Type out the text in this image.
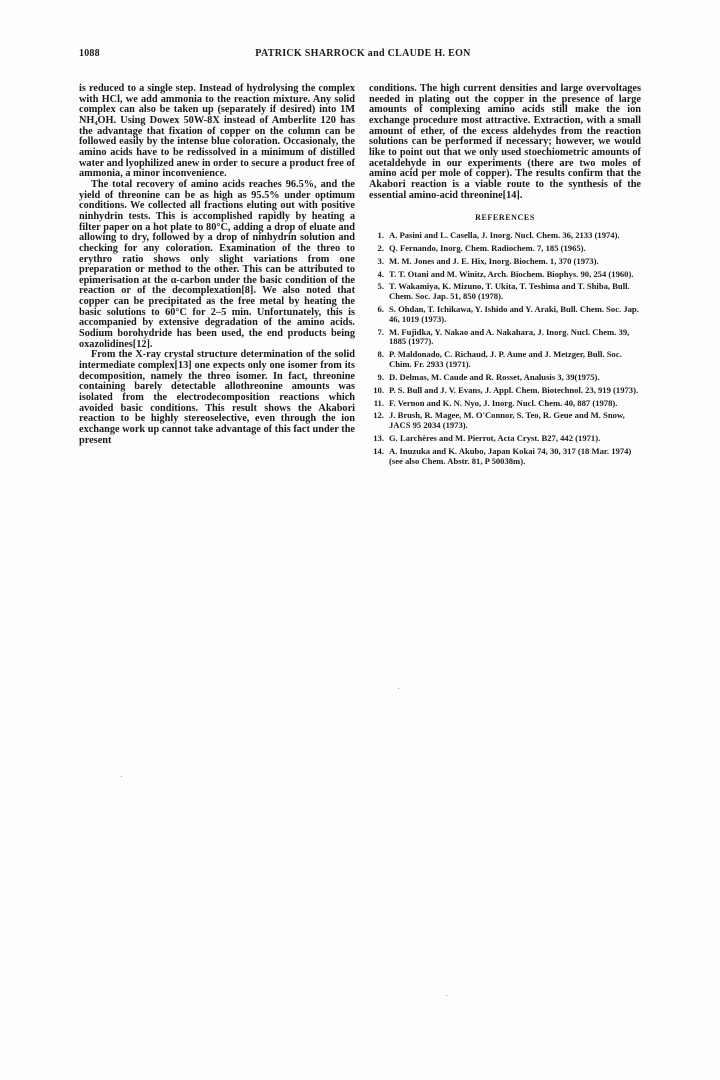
1088	PATRICK SHARROCK and CLAUDE H. EON

is reduced to a single step. Instead of hydrolysing the complex with HCl, we add ammonia to the reaction mixture. Any solid complex can also be taken up (separately if desired) into 1M NH₄OH. Using Dowex 50W-8X instead of Amberlite 120 has the advantage that fixation of copper on the column can be followed easily by the intense blue coloration. Occasionaly, the amino acids have to be redissolved in a minimum of distilled water and lyophilized anew in order to secure a product free of ammonia, a minor inconvenience.

The total recovery of amino acids reaches 96.5%, and the yield of threonine can be as high as 95.5% under optimum conditions. We collected all fractions eluting out with positive ninhydrin tests. This is accomplished rapidly by heating a filter paper on a hot plate to 80°C, adding a drop of eluate and allowing to dry, followed by a drop of ninhydrin solution and checking for any coloration. Examination of the threo to erythro ratio shows only slight variations from one preparation or method to the other. This can be attributed to epimerisation at the α-carbon under the basic condition of the reaction or of the decomplexation[8]. We also noted that copper can be precipitated as the free metal by heating the basic solutions to 60°C for 2–5 min. Unfortunately, this is accompanied by extensive degradation of the amino acids. Sodium borohydride has been used, the end products being oxazolidines[12].

From the X-ray crystal structure determination of the solid intermediate complex[13] one expects only one isomer from its decomposition, namely the threo isomer. In fact, threonine containing barely detectable allothreonine amounts was isolated from the electrodecomposition reactions which avoided basic conditions. This result shows the Akabori reaction to be highly stereoselective, even through the ion exchange work up cannot take advantage of this fact under the present

conditions. The high current densities and large overvoltages needed in plating out the copper in the presence of large amounts of complexing amino acids still make the ion exchange procedure most attractive. Extraction, with a small amount of ether, of the excess aldehydes from the reaction solutions can be performed if necessary; however, we would like to point out that we only used stoechiometric amounts of acetaldehyde in our experiments (there are two moles of amino acid per mole of copper). The results confirm that the Akabori reaction is a viable route to the synthesis of the essential amino-acid threonine[14].

REFERENCES
1. A. Pasini and L. Casella, J. Inorg. Nucl. Chem. 36, 2133 (1974).
2. Q. Fernando, Inorg. Chem. Radiochem. 7, 185 (1965).
3. M. M. Jones and J. E. Hix, Inorg. Biochem. 1, 370 (1973).
4. T. T. Otani and M. Winitz, Arch. Biochem. Biophys. 90, 254 (1960).
5. T. Wakamiya, K. Mizuno, T. Ukita, T. Teshima and T. Shiba, Bull. Chem. Soc. Jap. 51, 850 (1978).
6. S. Ohdan, T. Ichikawa, Y. Ishido and Y. Araki, Bull. Chem. Soc. Jap. 46, 1019 (1973).
7. M. Fujidka, Y. Nakao and A. Nakahara, J. Inorg. Nucl. Chem. 39, 1885 (1977).
8. P. Maldonado, C. Richaud, J. P. Aune and J. Metzger, Bull. Soc. Chim. Fr. 2933 (1971).
9. D. Delmas, M. Caude and R. Rosset, Analusis 3, 39(1975).
10. P. S. Bull and J. V. Evans, J. Appl. Chem. Biotechnol. 23, 919 (1973).
11. F. Vernon and K. N. Nyo, J. Inorg. Nucl. Chem. 40, 887 (1978).
12. J. Brush, R. Magee, M. O'Connor, S. Teo, R. Geue and M. Snow, JACS 95 2034 (1973).
13. G. Larchères and M. Pierrot, Acta Cryst. B27, 442 (1971).
14. A. Inuzuka and K. Akubo, Japan Kokai 74, 30, 317 (18 Mar. 1974) (see also Chem. Abstr. 81, P 50038m).
